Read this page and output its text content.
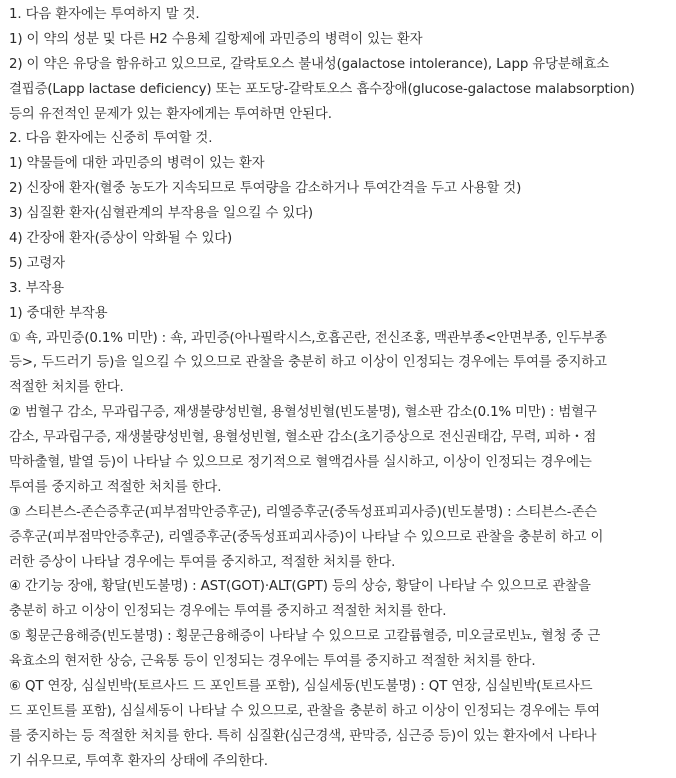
1. 다음 환자에는 투여하지 말 것.
1) 이 약의 성분 및 다른 H2 수용체 길항제에 과민증의 병력이 있는 환자
2) 이 약은 유당을 함유하고 있으므로, 갈락토오스 불내성(galactose intolerance), Lapp 유당분해효소
결핍증(Lapp lactase deficiency) 또는 포도당-갈락토오스 흡수장애(glucose-galactose malabsorption)
등의 유전적인 문제가 있는 환자에게는 투여하면 안된다.
2. 다음 환자에는 신중히 투여할 것.
1) 약물들에 대한 과민증의 병력이 있는 환자
2) 신장애 환자(혈중 농도가 지속되므로 투여량을 감소하거나 투여간격을 두고 사용할 것)
3) 심질환 환자(심혈관계의 부작용을 일으킬 수 있다)
4) 간장애 환자(증상이 악화될 수 있다)
5) 고령자
3. 부작용
1) 중대한 부작용
① 쇽, 과민증(0.1% 미만) : 쇽, 과민증(아나필락시스,호흡곤란, 전신조홍, 맥관부종<안면부종, 인두부종
등>, 두드러기 등)을 일으킬 수 있으므로 관찰을 충분히 하고 이상이 인정되는 경우에는 투여를 중지하고
적절한 처치를 한다.
② 범혈구 감소, 무과립구증, 재생불량성빈혈, 용혈성빈혈(빈도불명), 혈소판 감소(0.1% 미만) : 범혈구
감소, 무과립구증, 재생불량성빈혈, 용혈성빈혈, 혈소판 감소(초기증상으로 전신권태감, 무력, 피하・점
막하출혈, 발열 등)이 나타날 수 있으므로 정기적으로 혈액검사를 실시하고, 이상이 인정되는 경우에는
투여를 중지하고 적절한 처치를 한다.
③ 스티븐스-존슨증후군(피부점막안증후군), 리엘증후군(중독성표피괴사증)(빈도불명) : 스티븐스-존슨
증후군(피부점막안증후군), 리엘증후군(중독성표피괴사증)이 나타날 수 있으므로 관찰을 충분히 하고 이
러한 증상이 나타날 경우에는 투여를 중지하고, 적절한 처치를 한다.
④ 간기능 장애, 황달(빈도불명) : AST(GOT)·ALT(GPT) 등의 상승, 황달이 나타날 수 있으므로 관찰을
충분히 하고 이상이 인정되는 경우에는 투여를 중지하고 적절한 처치를 한다.
⑤ 횡문근융해증(빈도불명) : 횡문근융해증이 나타날 수 있으므로 고칼륨혈증, 미오글로빈뇨, 혈청 중 근
육효소의 현저한 상승, 근육통 등이 인정되는 경우에는 투여를 중지하고 적절한 처치를 한다.
⑥ QT 연장, 심실빈박(토르사드 드 포인트를 포함), 심실세동(빈도불명) : QT 연장, 심실빈박(토르사드
드 포인트를 포함), 심실세동이 나타날 수 있으므로, 관찰을 충분히 하고 이상이 인정되는 경우에는 투여
를 중지하는 등 적절한 처치를 한다. 특히 심질환(심근경색, 판막증, 심근증 등)이 있는 환자에서 나타나
기 쉬우므로, 투여후 환자의 상태에 주의한다.
